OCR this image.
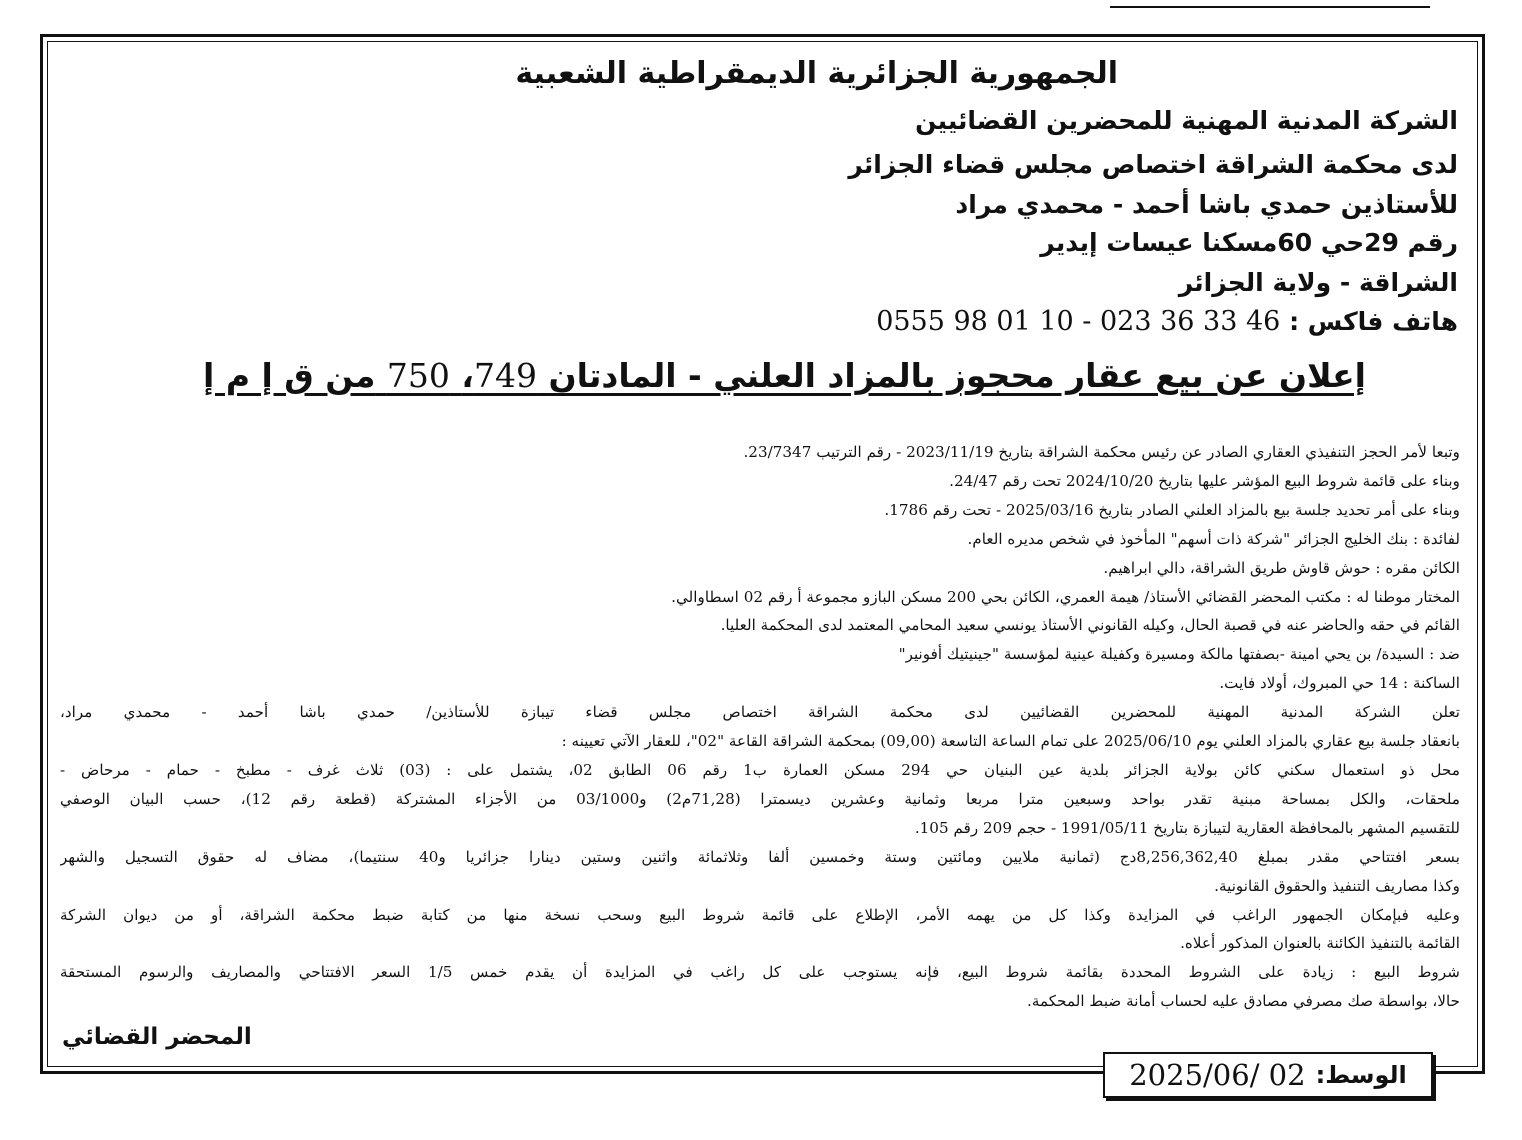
الجمهورية الجزائرية الديمقراطية الشعبية
الشركة المدنية المهنية للمحضرين القضائيين
لدى محكمة الشراقة اختصاص مجلس قضاء الجزائر
للأستاذين حمدي باشا أحمد - محمدي مراد
رقم 29حي 60مسكنا عيسات إيدير
الشراقة - ولاية الجزائر
هاتف فاكس : 0555 98 01 10 - 023 36 33 46
إعلان عن بيع عقار محجوز بالمزاد العلني - المادتان 749، 750 من ق إ م إ

وتبعا لأمر الحجز التنفيذي العقاري الصادر عن رئيس محكمة الشراقة بتاريخ 2023/11/19 - رقم الترتيب 23/7347.

وبناء على قائمة شروط البيع المؤشر عليها بتاريخ 2024/10/20 تحت رقم 24/47.

وبناء على أمر تحديد جلسة بيع بالمزاد العلني الصادر بتاريخ 2025/03/16 - تحت رقم 1786.

لفائدة : بنك الخليج الجزائر "شركة ذات أسهم" المأخوذ في شخص مديره العام.

الكائن مقره : حوش قاوش طريق الشراقة، دالي ابراهيم.

المختار موطنا له : مكتب المحضر القضائي الأستاذ/ هيمة العمري، الكائن بحي 200 مسكن البازو مجموعة أ رقم 02 اسطاوالي.

القائم في حقه والحاضر عنه في قصبة الحال، وكيله القانوني الأستاذ يونسي سعيد المحامي المعتمد لدى المحكمة العليا.

ضد : السيدة/ بن يحي امينة -بصفتها مالكة ومسيرة وكفيلة عينية لمؤسسة "جينيتيك أفونير"

الساكنة : 14 حي المبروك، أولاد فايت.

تعلن الشركة المدنية المهنية للمحضرين القضائيين لدى محكمة الشراقة اختصاص مجلس قضاء تيبازة للأستاذين/ حمدي باشا أحمد - محمدي مراد،

بانعقاد جلسة بيع عقاري بالمزاد العلني يوم 2025/06/10 على تمام الساعة التاسعة (09,00) بمحكمة الشراقة القاعة "02"، للعقار الآتي تعيينه :

محل ذو استعمال سكني كائن بولاية الجزائر بلدية عين البنيان حي 294 مسكن العمارة ب1 رقم 06 الطابق 02، يشتمل على : (03) ثلاث غرف - مطبخ - حمام - مرحاض -

ملحقات، والكل بمساحة مبنية تقدر بواحد وسبعين مترا مربعا وثمانية وعشرين ديسمترا (71,28م2) و03/1000 من الأجزاء المشتركة (قطعة رقم 12)، حسب البيان الوصفي

للتقسيم المشهر بالمحافظة العقارية لتيبازة بتاريخ 1991/05/11 - حجم 209 رقم 105.

بسعر افتتاحي مقدر بمبلغ 8,256,362,40دج (ثمانية ملايين ومائتين وستة وخمسين ألفا وثلاثمائة واثنين وستين دينارا جزائريا و40 سنتيما)، مضاف له حقوق التسجيل والشهر

وكذا مصاريف التنفيذ والحقوق القانونية.

وعليه فبإمكان الجمهور الراغب في المزايدة وكذا كل من يهمه الأمر، الإطلاع على قائمة شروط البيع وسحب نسخة منها من كتابة ضبط محكمة الشراقة، أو من ديوان الشركة

القائمة بالتنفيذ الكائنة بالعنوان المذكور أعلاه.

شروط البيع : زيادة على الشروط المحددة بقائمة شروط البيع، فإنه يستوجب على كل راغب في المزايدة أن يقدم خمس 1/5 السعر الافتتاحي والمصاريف والرسوم المستحقة

حالا، بواسطة صك مصرفي مصادق عليه لحساب أمانة ضبط المحكمة.

المحضر القضائي
الوسط:
2025/06/ 02
